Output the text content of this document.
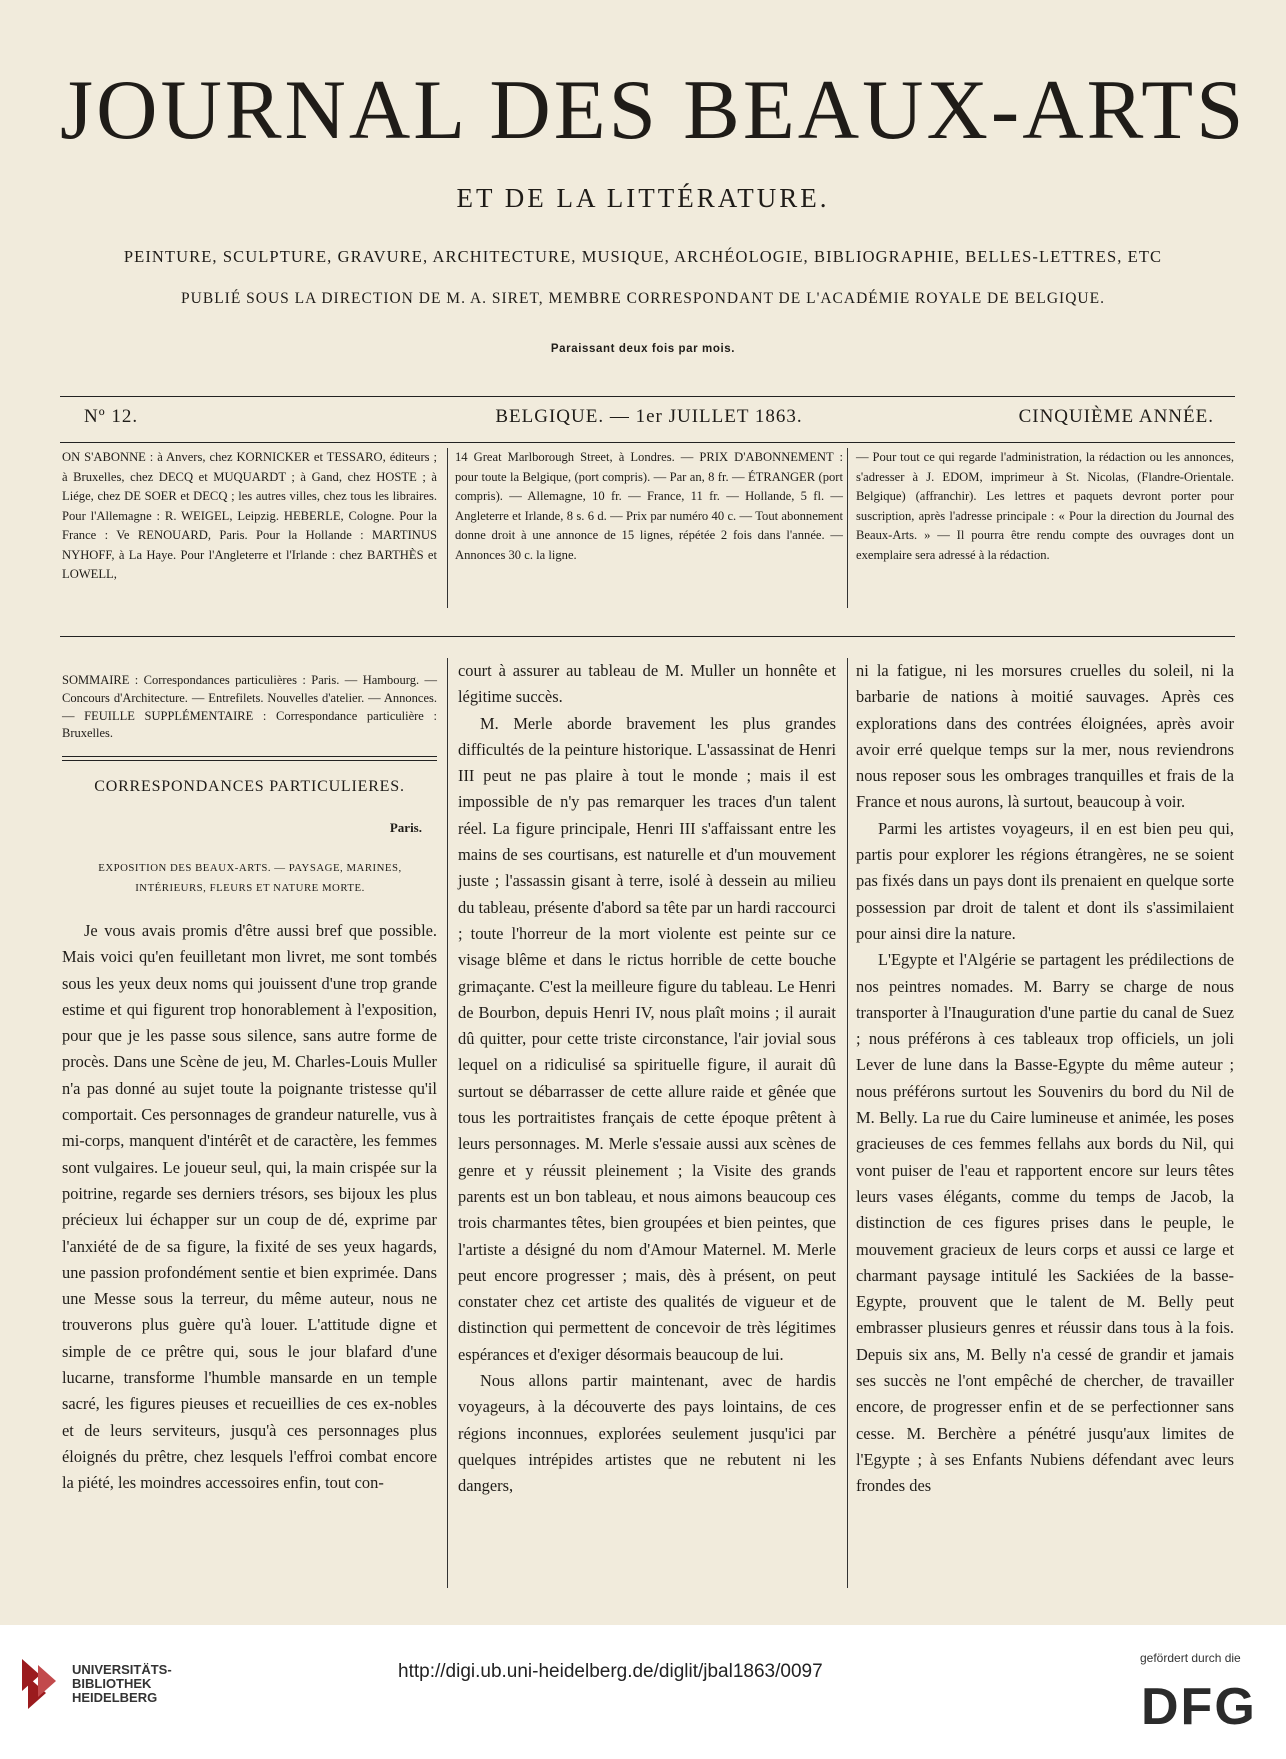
JOURNAL DES BEAUX-ARTS
ET DE LA LITTÉRATURE.
PEINTURE, SCULPTURE, GRAVURE, ARCHITECTURE, MUSIQUE, ARCHÉOLOGIE, BIBLIOGRAPHIE, BELLES-LETTRES, ETC
PUBLIÉ SOUS LA DIRECTION DE M. A. SIRET, MEMBRE CORRESPONDANT DE L'ACADÉMIE ROYALE DE BELGIQUE.
Paraissant deux fois par mois.
Nº 12.	BELGIQUE. — 1er JUILLET 1863.	CINQUIÈME ANNÉE.

ON S'ABONNE : à Anvers, chez KORNICKER et TESSARO, éditeurs ; à Bruxelles, chez DECQ et MUQUARDT ; à Gand, chez HOSTE ; à Liége, chez DE SOER et DECQ ; les autres villes, chez tous les libraires. Pour l'Allemagne : R. WEIGEL, Leipzig. HEBERLE, Cologne. Pour la France : Ve RENOUARD, Paris. Pour la Hollande : MARTINUS NYHOFF, à La Haye. Pour l'Angleterre et l'Irlande : chez BARTHÈS et LOWELL,

14 Great Marlborough Street, à Londres. — PRIX D'ABONNEMENT : pour toute la Belgique, (port compris). — Par an, 8 fr. — ÉTRANGER (port compris). — Allemagne, 10 fr. — France, 11 fr. — Hollande, 5 fl. — Angleterre et Irlande, 8 s. 6 d. — Prix par numéro 40 c. — Tout abonnement donne droit à une annonce de 15 lignes, répétée 2 fois dans l'année. — Annonces 30 c. la ligne.

— Pour tout ce qui regarde l'administration, la rédaction ou les annonces, s'adresser à J. EDOM, imprimeur à St. Nicolas, (Flandre-Orientale. Belgique) (affranchir). Les lettres et paquets devront porter pour suscription, après l'adresse principale : « Pour la direction du Journal des Beaux-Arts. » — Il pourra être rendu compte des ouvrages dont un exemplaire sera adressé à la rédaction.

SOMMAIRE : Correspondances particulières : Paris. — Hambourg. — Concours d'Architecture. — Entrefilets. Nouvelles d'atelier. — Annonces. — FEUILLE SUPPLÉMENTAIRE : Correspondance particulière : Bruxelles.
CORRESPONDANCES PARTICULIERES.
Paris.
EXPOSITION DES BEAUX-ARTS. — PAYSAGE, MARINES, INTÉRIEURS, FLEURS ET NATURE MORTE.

Je vous avais promis d'être aussi bref que possible. Mais voici qu'en feuilletant mon livret, me sont tombés sous les yeux deux noms qui jouissent d'une trop grande estime et qui figurent trop honorablement à l'exposition, pour que je les passe sous silence, sans autre forme de procès. Dans une Scène de jeu, M. Charles-Louis Muller n'a pas donné au sujet toute la poignante tristesse qu'il comportait. Ces personnages de grandeur naturelle, vus à mi-corps, manquent d'intérêt et de caractère, les femmes sont vulgaires. Le joueur seul, qui, la main crispée sur la poitrine, regarde ses derniers trésors, ses bijoux les plus précieux lui échapper sur un coup de dé, exprime par l'anxiété de de sa figure, la fixité de ses yeux hagards, une passion profondément sentie et bien exprimée. Dans une Messe sous la terreur, du même auteur, nous ne trouverons plus guère qu'à louer. L'attitude digne et simple de ce prêtre qui, sous le jour blafard d'une lucarne, transforme l'humble mansarde en un temple sacré, les figures pieuses et recueillies de ces ex-nobles et de leurs serviteurs, jusqu'à ces personnages plus éloignés du prêtre, chez lesquels l'effroi combat encore la piété, les moindres accessoires enfin, tout con-

court à assurer au tableau de M. Muller un honnête et légitime succès.

M. Merle aborde bravement les plus grandes difficultés de la peinture historique. L'assassinat de Henri III peut ne pas plaire à tout le monde ; mais il est impossible de n'y pas remarquer les traces d'un talent réel. La figure principale, Henri III s'affaissant entre les mains de ses courtisans, est naturelle et d'un mouvement juste ; l'assassin gisant à terre, isolé à dessein au milieu du tableau, présente d'abord sa tête par un hardi raccourci ; toute l'horreur de la mort violente est peinte sur ce visage blême et dans le rictus horrible de cette bouche grimaçante. C'est la meilleure figure du tableau. Le Henri de Bourbon, depuis Henri IV, nous plaît moins ; il aurait dû quitter, pour cette triste circonstance, l'air jovial sous lequel on a ridiculisé sa spirituelle figure, il aurait dû surtout se débarrasser de cette allure raide et gênée que tous les portraitistes français de cette époque prêtent à leurs personnages. M. Merle s'essaie aussi aux scènes de genre et y réussit pleinement ; la Visite des grands parents est un bon tableau, et nous aimons beaucoup ces trois charmantes têtes, bien groupées et bien peintes, que l'artiste a désigné du nom d'Amour Maternel. M. Merle peut encore progresser ; mais, dès à présent, on peut constater chez cet artiste des qualités de vigueur et de distinction qui permettent de concevoir de très légitimes espérances et d'exiger désormais beaucoup de lui.

Nous allons partir maintenant, avec de hardis voyageurs, à la découverte des pays lointains, de ces régions inconnues, explorées seulement jusqu'ici par quelques intrépides artistes que ne rebutent ni les dangers,

ni la fatigue, ni les morsures cruelles du soleil, ni la barbarie de nations à moitié sauvages. Après ces explorations dans des contrées éloignées, après avoir avoir erré quelque temps sur la mer, nous reviendrons nous reposer sous les ombrages tranquilles et frais de la France et nous aurons, là surtout, beaucoup à voir.

Parmi les artistes voyageurs, il en est bien peu qui, partis pour explorer les régions étrangères, ne se soient pas fixés dans un pays dont ils prenaient en quelque sorte possession par droit de talent et dont ils s'assimilaient pour ainsi dire la nature.

L'Egypte et l'Algérie se partagent les prédilections de nos peintres nomades. M. Barry se charge de nous transporter à l'Inauguration d'une partie du canal de Suez ; nous préférons à ces tableaux trop officiels, un joli Lever de lune dans la Basse-Egypte du même auteur ; nous préférons surtout les Souvenirs du bord du Nil de M. Belly. La rue du Caire lumineuse et animée, les poses gracieuses de ces femmes fellahs aux bords du Nil, qui vont puiser de l'eau et rapportent encore sur leurs têtes leurs vases élégants, comme du temps de Jacob, la distinction de ces figures prises dans le peuple, le mouvement gracieux de leurs corps et aussi ce large et charmant paysage intitulé les Sackiées de la basse-Egypte, prouvent que le talent de M. Belly peut embrasser plusieurs genres et réussir dans tous à la fois. Depuis six ans, M. Belly n'a cessé de grandir et jamais ses succès ne l'ont empêché de chercher, de travailler encore, de progresser enfin et de se perfectionner sans cesse. M. Berchère a pénétré jusqu'aux limites de l'Egypte ; à ses Enfants Nubiens défendant avec leurs frondes des

UNIVERSITÄTS-
BIBLIOTHEK
HEIDELBERG
http://digi.ub.uni-heidelberg.de/diglit/jbal1863/0097
gefördert durch die
DFG
